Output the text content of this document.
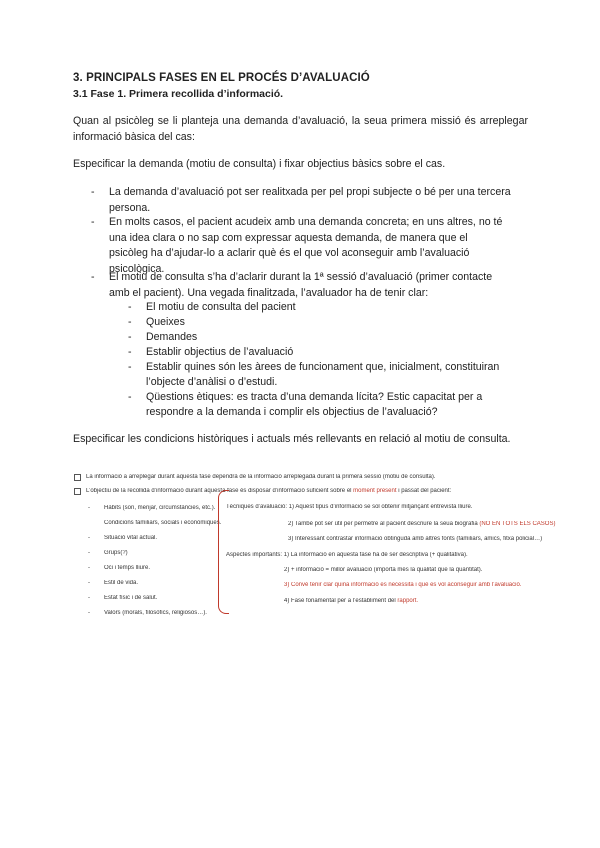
3. PRINCIPALS FASES EN EL PROCÉS D’AVALUACIÓ
3.1 Fase 1. Primera recollida d’informació.
Quan al psicòleg se li planteja una demanda d’avaluació, la seua primera missió és arreplegar informació bàsica del cas:
Especificar la demanda (motiu de consulta) i fixar objectius bàsics sobre el cas.
- La demanda d’avaluació pot ser realitxada per pel propi subjecte o bé per una tercera
persona.
- En molts casos, el pacient acudeix amb una demanda concreta; en uns altres, no té
una idea clara o no sap com expressar aquesta demanda, de manera que el
psicòleg ha d’ajudar-lo a aclarir què és el que vol aconseguir amb l’avaluació
psicològica.
- El motiu de consulta s’ha d’aclarir durant la 1ª sessió d’avaluació (primer contacte
amb el pacient). Una vegada finalitzada, l’avaluador ha de tenir clar:
- El motiu de consulta del pacient
- Queixes
- Demandes
- Establir objectius de l’avaluació
- Establir quines són les àrees de funcionament que, inicialment, constituiran
l’objecte d’anàlisi o d’estudi.
- Qüestions ètiques: es tracta d’una demanda lícita? Estic capacitat per a
respondre a la demanda i complir els objectius de l’avaluació?
Especificar les condicions històriques i actuals més rellevants en relació al motiu de consulta.
La informació a arreplegar durant aquesta fase dependrà de la informació arreplegada durant la primera sessió (motiu de consulta).
L’objectiu de la recollida d’informació durant aquesta fase és disposar d’informació suficient sobre el moment present i passat del pacient:
- Hàbits (son, menjar, circumstàncies, etc.).
Condicions familiars, socials i econòmiques.
- Situació vital actual.
- Grups(?)
- Oci i temps lliure.
- Estil de vida.
- Estat físic i de salut.
- Valors (morals, filosòfics, religiosos…).
Tècniques d’avaluació: 1) Aquest tipus d’informació se sol obtenir mitjançant entrevista lliure.
2) També pot ser útil per permetre al pacient descriure la seua biografia (NO EN TOTS ELS CASOS)
3) Interessant contrastar informació obtinguda amb altres fonts (familiars, amics, fitxa policial…)
Aspectes importants: 1) La informació en aquesta fase ha de ser descriptiva (+ qualitativa).
2) + informació = millor avaluació (importa més la qualitat que la quantitat).
3) Convé tenir clar quina informació es necessita i què es vol aconseguir amb l’avaluació.
4) Fase fonamental per a l’establiment del rapport.
